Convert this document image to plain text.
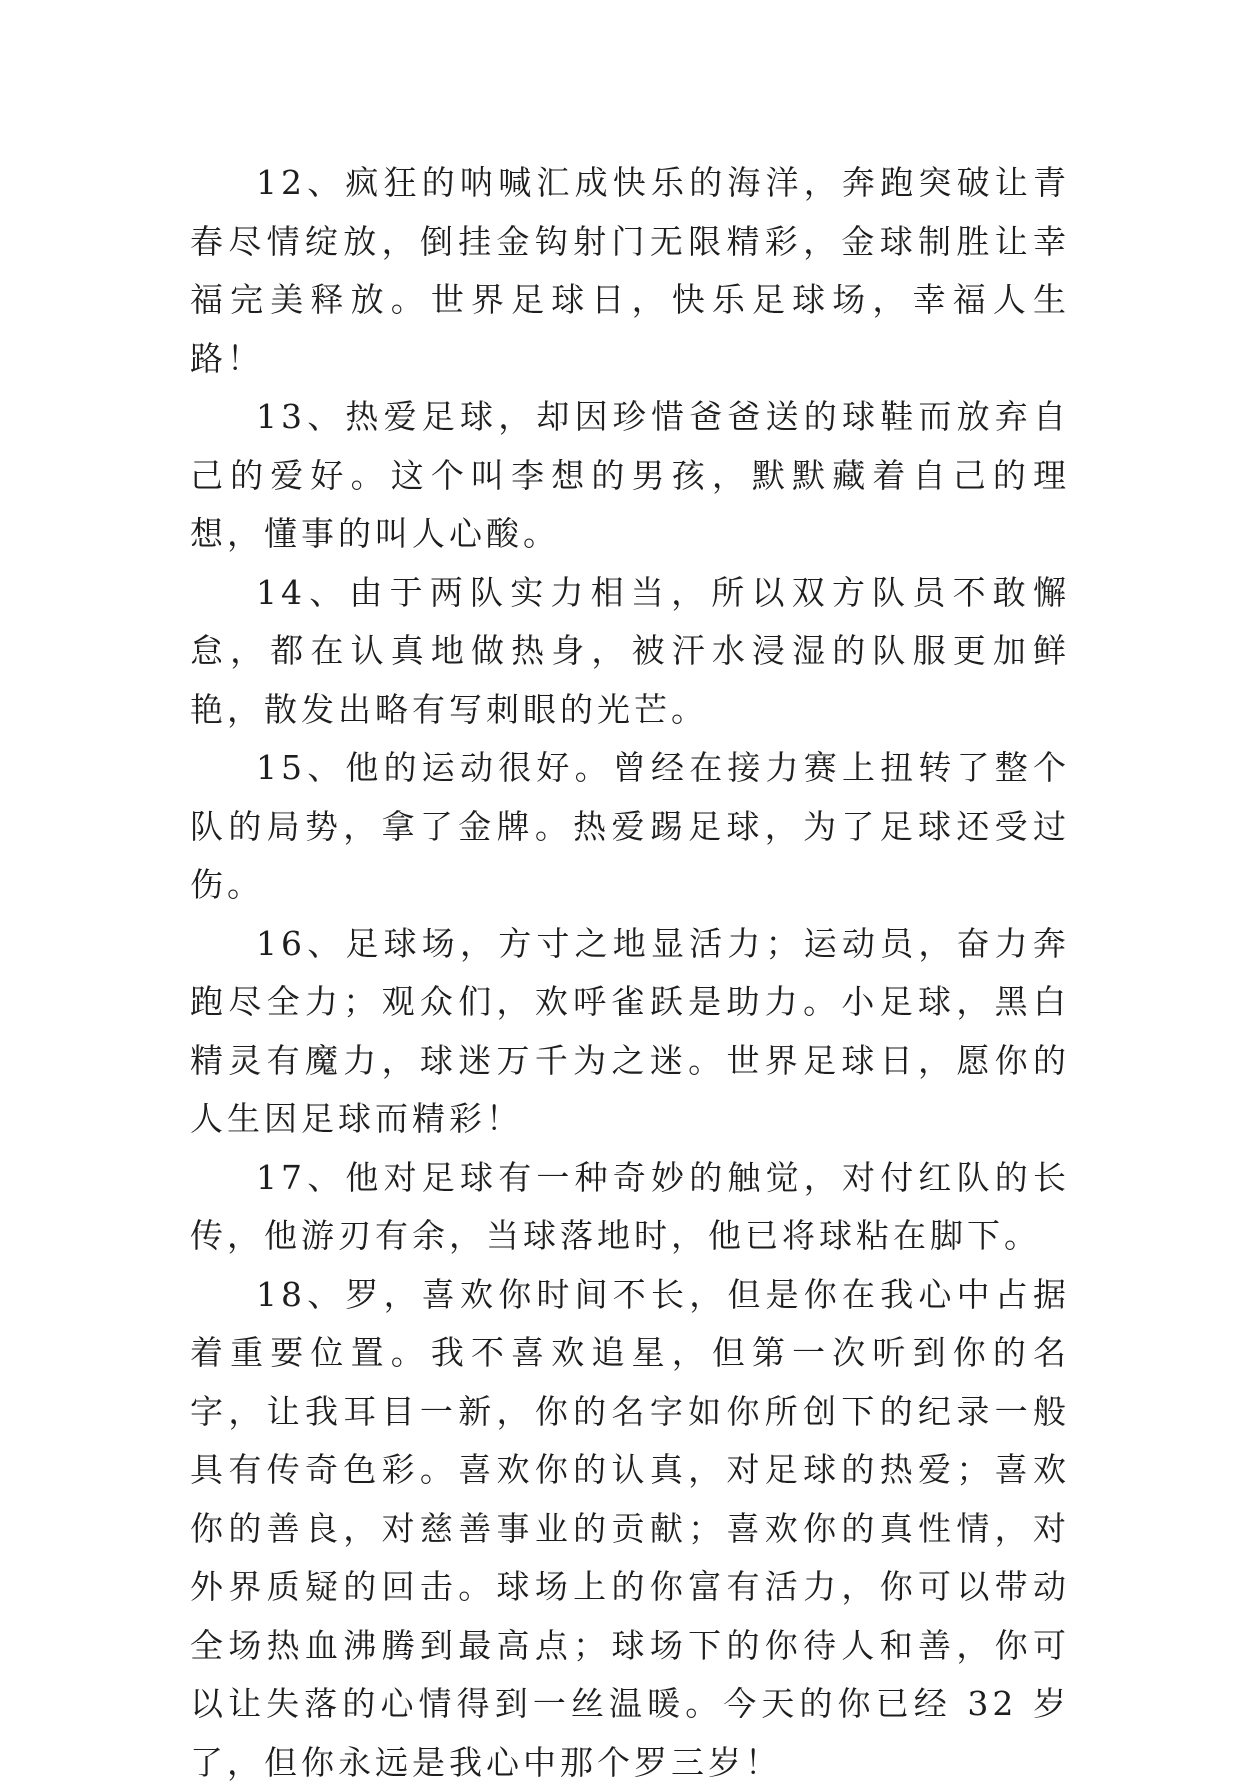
12、疯狂的呐喊汇成快乐的海洋，奔跑突破让青春尽情绽放，倒挂金钩射门无限精彩，金球制胜让幸福完美释放。世界足球日，快乐足球场，幸福人生路！

13、热爱足球，却因珍惜爸爸送的球鞋而放弃自己的爱好。这个叫李想的男孩，默默藏着自己的理想，懂事的叫人心酸。

14、由于两队实力相当，所以双方队员不敢懈怠，都在认真地做热身，被汗水浸湿的队服更加鲜艳，散发出略有写刺眼的光芒。

15、他的运动很好。曾经在接力赛上扭转了整个队的局势，拿了金牌。热爱踢足球，为了足球还受过伤。

16、足球场，方寸之地显活力；运动员，奋力奔跑尽全力；观众们，欢呼雀跃是助力。小足球，黑白精灵有魔力，球迷万千为之迷。世界足球日，愿你的人生因足球而精彩！

17、他对足球有一种奇妙的触觉，对付红队的长传，他游刃有余，当球落地时，他已将球粘在脚下。

18、罗，喜欢你时间不长，但是你在我心中占据着重要位置。我不喜欢追星，但第一次听到你的名字，让我耳目一新，你的名字如你所创下的纪录一般具有传奇色彩。喜欢你的认真，对足球的热爱；喜欢你的善良，对慈善事业的贡献；喜欢你的真性情，对外界质疑的回击。球场上的你富有活力，你可以带动全场热血沸腾到最高点；球场下的你待人和善，你可以让失落的心情得到一丝温暖。今天的你已经 32 岁了，但你永远是我心中那个罗三岁！
